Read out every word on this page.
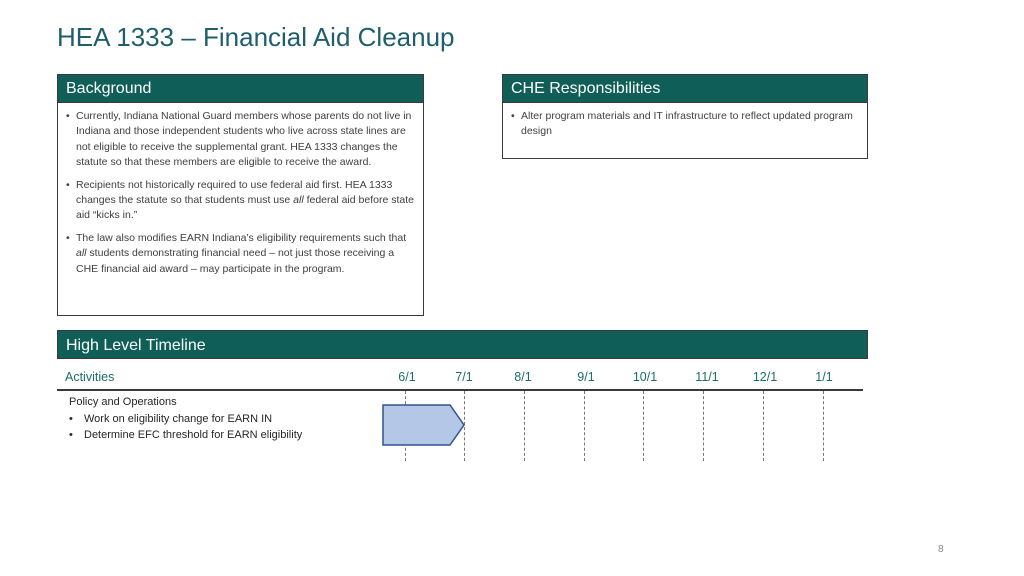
HEA 1333 – Financial Aid Cleanup
Background
• Currently, Indiana National Guard members whose parents do not live in Indiana and those independent students who live across state lines are not eligible to receive the supplemental grant. HEA 1333 changes the statute so that these members are eligible to receive the award.
• Recipients not historically required to use federal aid first. HEA 1333 changes the statute so that students must use all federal aid before state aid “kicks in.”
• The law also modifies EARN Indiana’s eligibility requirements such that all students demonstrating financial need – not just those receiving a CHE financial aid award – may participate in the program.
CHE Responsibilities
• Alter program materials and IT infrastructure to reflect updated program design
High Level Timeline
Activities	6/1	7/1	8/1	9/1	10/1	11/1	12/1	1/1
Policy and Operations
• Work on eligibility change for EARN IN
• Determine EFC threshold for EARN eligibility
8
